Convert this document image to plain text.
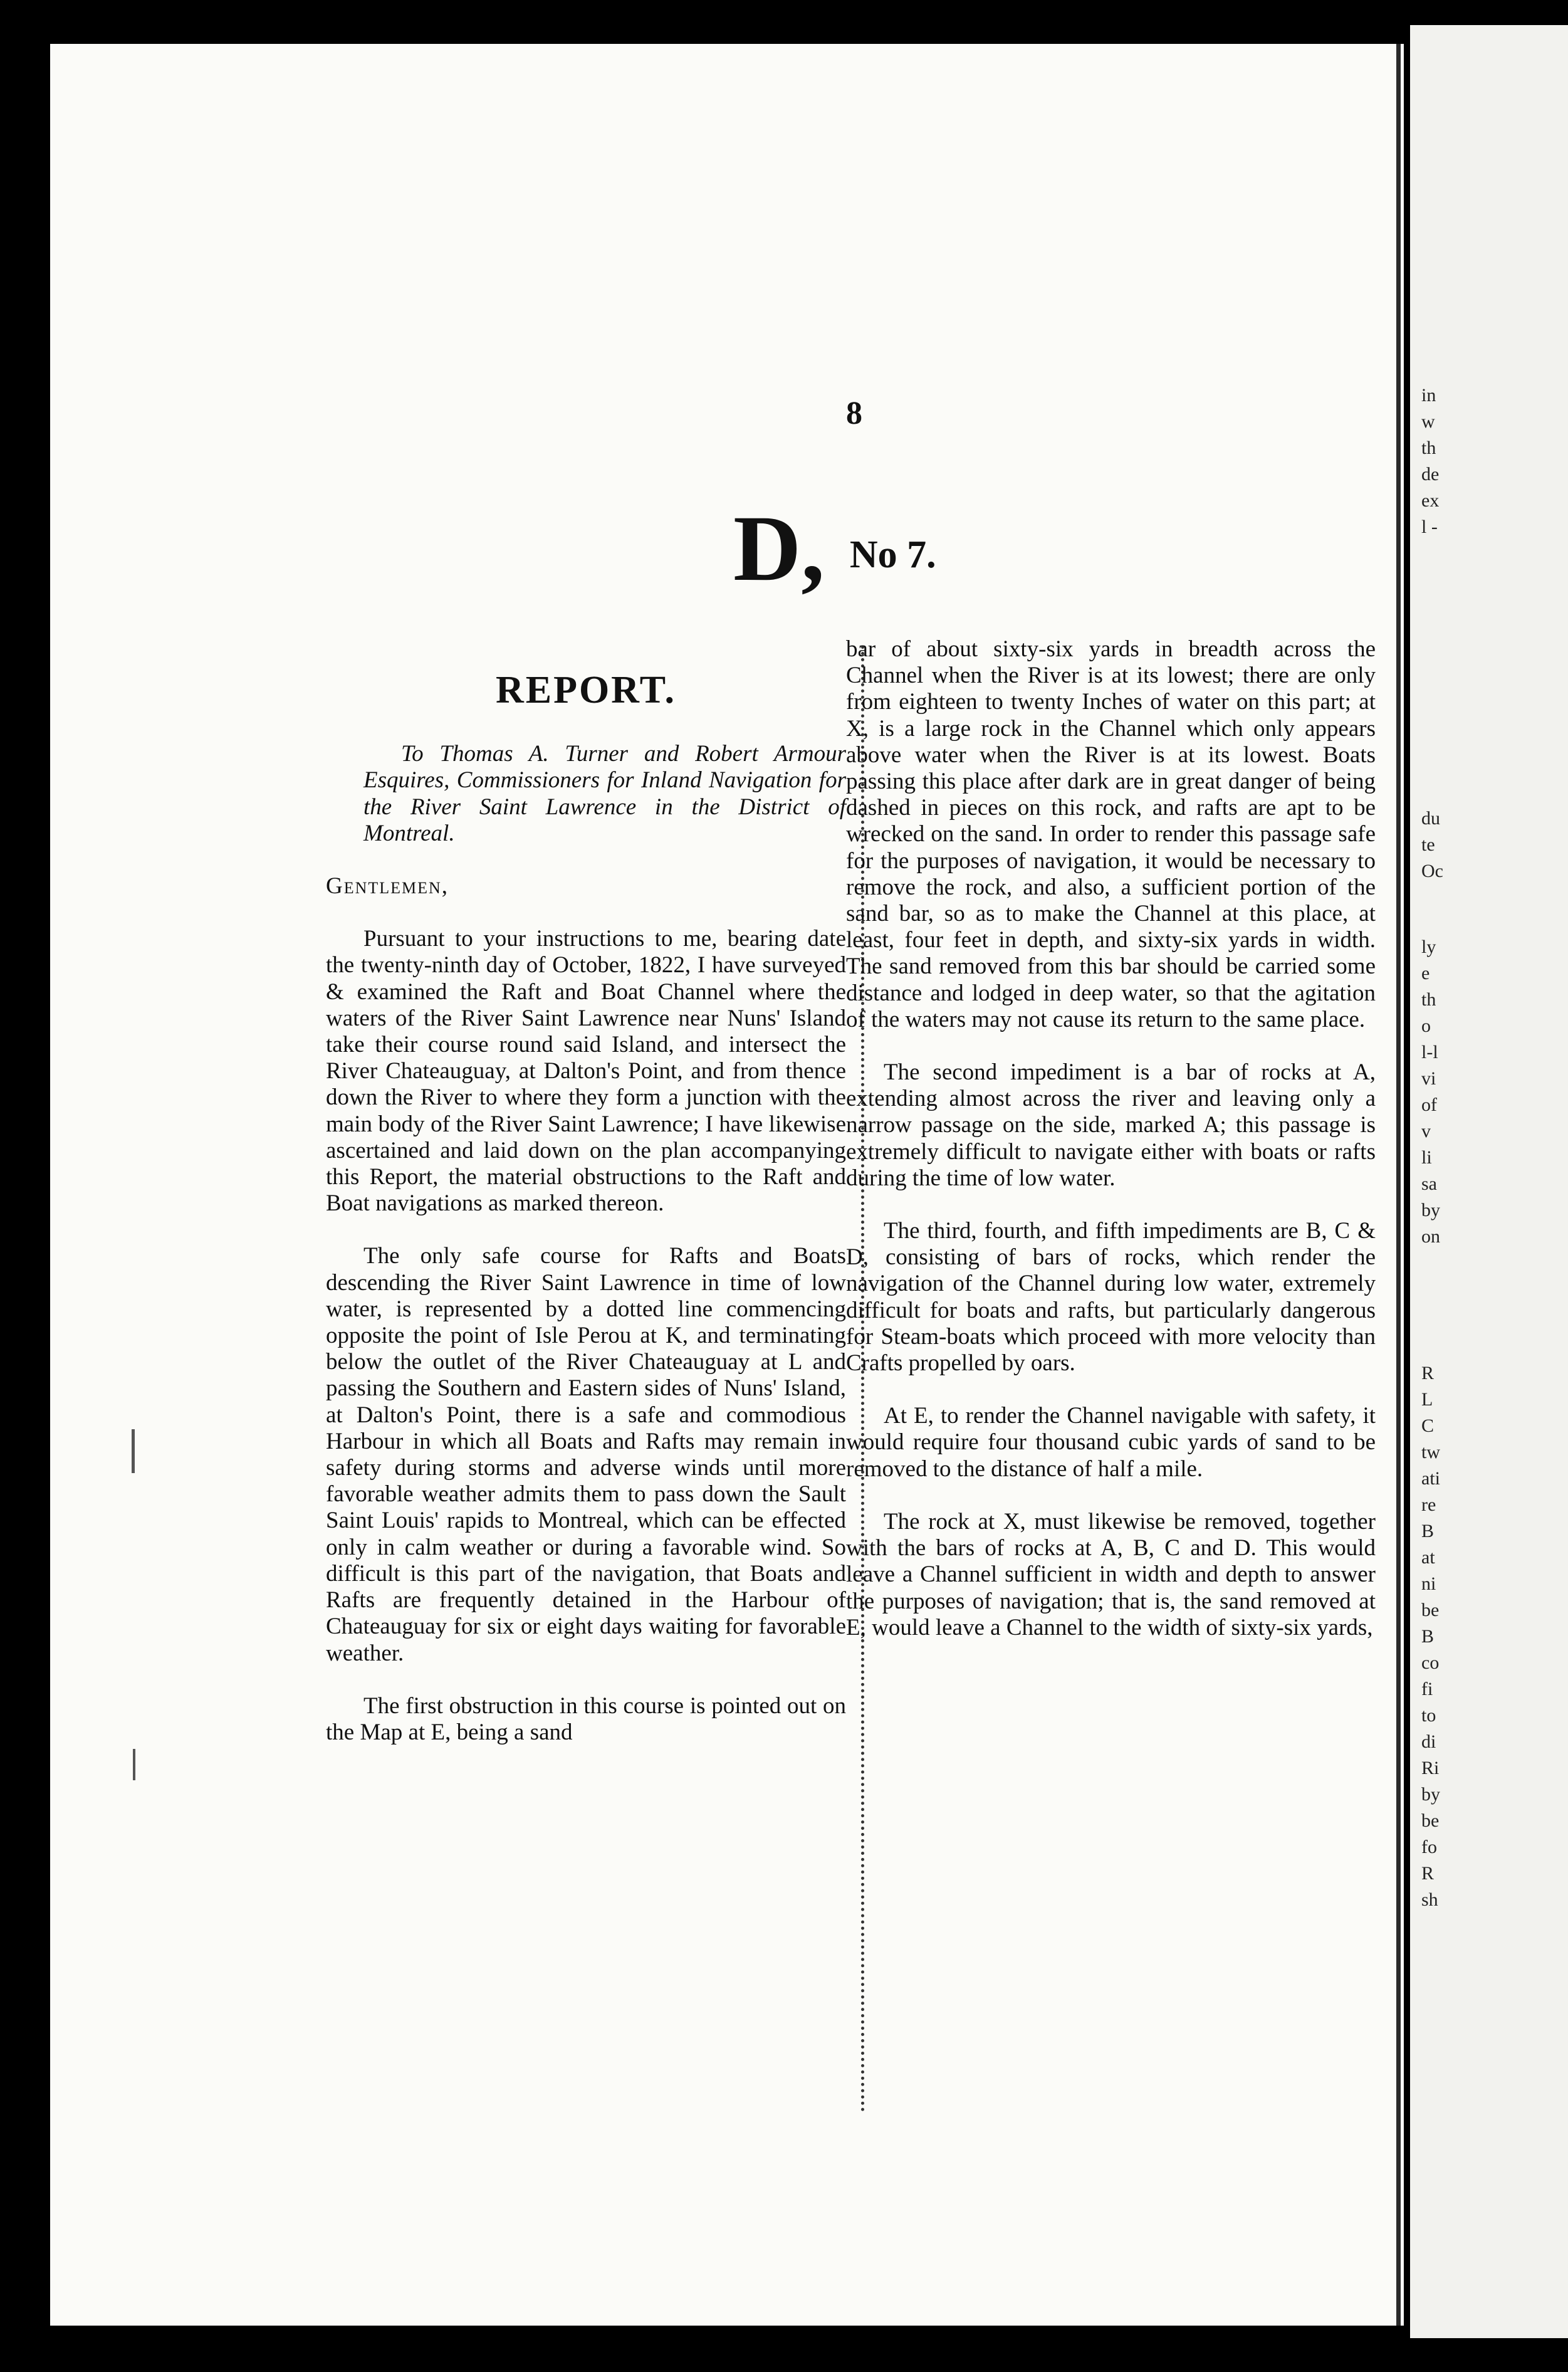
8
D, No 7.
REPORT.

To Thomas A. Turner and Robert Armour Esquires, Commissioners for Inland Navigation for the River Saint Lawrence in the District of Montreal.

Gentlemen,

Pursuant to your instructions to me, bearing date the twenty-ninth day of October, 1822, I have surveyed & examined the Raft and Boat Channel where the waters of the River Saint Lawrence near Nuns' Island take their course round said Island, and intersect the River Chateauguay, at Dalton's Point, and from thence down the River to where they form a junction with the main body of the River Saint Lawrence; I have likewise ascertained and laid down on the plan accompanying this Report, the material obstructions to the Raft and Boat navigations as marked thereon.

The only safe course for Rafts and Boats descending the River Saint Lawrence in time of low water, is represented by a dotted line commencing opposite the point of Isle Perou at K, and terminating below the outlet of the River Chateauguay at L and passing the Southern and Eastern sides of Nuns' Island, at Dalton's Point, there is a safe and commodious Harbour in which all Boats and Rafts may remain in safety during storms and adverse winds until more favorable weather admits them to pass down the Sault Saint Louis' rapids to Montreal, which can be effected only in calm weather or during a favorable wind. So difficult is this part of the navigation, that Boats and Rafts are frequently detained in the Harbour of Chateauguay for six or eight days waiting for favorable weather.

The first obstruction in this course is pointed out on the Map at E, being a sand

bar of about sixty-six yards in breadth across the Channel when the River is at its lowest; there are only from eighteen to twenty Inches of water on this part; at X, is a large rock in the Channel which only appears above water when the River is at its lowest. Boats passing this place after dark are in great danger of being dashed in pieces on this rock, and rafts are apt to be wrecked on the sand. In order to render this passage safe for the purposes of navigation, it would be necessary to remove the rock, and also, a sufficient portion of the sand bar, so as to make the Channel at this place, at least, four feet in depth, and sixty-six yards in width. The sand removed from this bar should be carried some distance and lodged in deep water, so that the agitation of the waters may not cause its return to the same place.

The second impediment is a bar of rocks at A, extending almost across the river and leaving only a narrow passage on the side, marked A; this passage is extremely difficult to navigate either with boats or rafts during the time of low water.

The third, fourth, and fifth impediments are B, C & D, consisting of bars of rocks, which render the navigation of the Channel during low water, extremely difficult for boats and rafts, but particularly dangerous for Steam-boats which proceed with more velocity than Crafts propelled by oars.

At E, to render the Channel navigable with safety, it would require four thousand cubic yards of sand to be removed to the distance of half a mile.

The rock at X, must likewise be removed, together with the bars of rocks at A, B, C and D. This would leave a Channel sufficient in width and depth to answer the purposes of navigation; that is, the sand removed at E, would leave a Channel to the width of sixty-six yards,

in
w
th
de
ex
l -
du
te
Oc
ly
e
th
o
l-l
vi
of
v
li
sa
by
on
R
L
C
tw
ati
re
B
at
ni
be
B
co
fi
to
di
Ri
by
be
fo
R
sh
